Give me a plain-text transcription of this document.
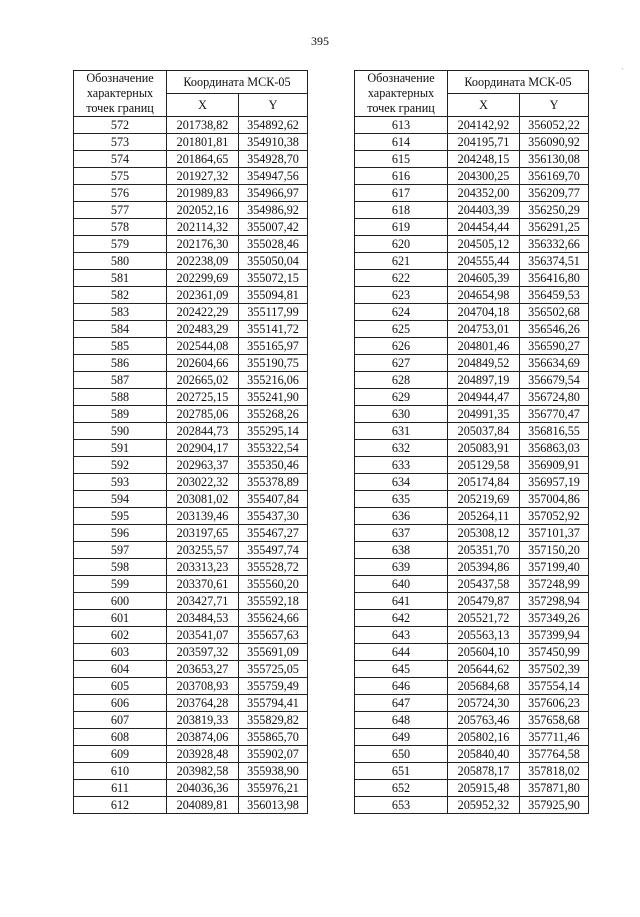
395
·
Обозначение характерных точек границ	Координата МСК-05	
	X	Y
572	201738,82	354892,62
573	201801,81	354910,38
574	201864,65	354928,70
575	201927,32	354947,56
576	201989,83	354966,97
577	202052,16	354986,92
578	202114,32	355007,42
579	202176,30	355028,46
580	202238,09	355050,04
581	202299,69	355072,15
582	202361,09	355094,81
583	202422,29	355117,99
584	202483,29	355141,72
585	202544,08	355165,97
586	202604,66	355190,75
587	202665,02	355216,06
588	202725,15	355241,90
589	202785,06	355268,26
590	202844,73	355295,14
591	202904,17	355322,54
592	202963,37	355350,46
593	203022,32	355378,89
594	203081,02	355407,84
595	203139,46	355437,30
596	203197,65	355467,27
597	203255,57	355497,74
598	203313,23	355528,72
599	203370,61	355560,20
600	203427,71	355592,18
601	203484,53	355624,66
602	203541,07	355657,63
603	203597,32	355691,09
604	203653,27	355725,05
605	203708,93	355759,49
606	203764,28	355794,41
607	203819,33	355829,82
608	203874,06	355865,70
609	203928,48	355902,07
610	203982,58	355938,90
611	204036,36	355976,21
612	204089,81	356013,98
Обозначение характерных точек границ	Координата МСК-05	
	X	Y
613	204142,92	356052,22
614	204195,71	356090,92
615	204248,15	356130,08
616	204300,25	356169,70
617	204352,00	356209,77
618	204403,39	356250,29
619	204454,44	356291,25
620	204505,12	356332,66
621	204555,44	356374,51
622	204605,39	356416,80
623	204654,98	356459,53
624	204704,18	356502,68
625	204753,01	356546,26
626	204801,46	356590,27
627	204849,52	356634,69
628	204897,19	356679,54
629	204944,47	356724,80
630	204991,35	356770,47
631	205037,84	356816,55
632	205083,91	356863,03
633	205129,58	356909,91
634	205174,84	356957,19
635	205219,69	357004,86
636	205264,11	357052,92
637	205308,12	357101,37
638	205351,70	357150,20
639	205394,86	357199,40
640	205437,58	357248,99
641	205479,87	357298,94
642	205521,72	357349,26
643	205563,13	357399,94
644	205604,10	357450,99
645	205644,62	357502,39
646	205684,68	357554,14
647	205724,30	357606,23
648	205763,46	357658,68
649	205802,16	357711,46
650	205840,40	357764,58
651	205878,17	357818,02
652	205915,48	357871,80
653	205952,32	357925,90
